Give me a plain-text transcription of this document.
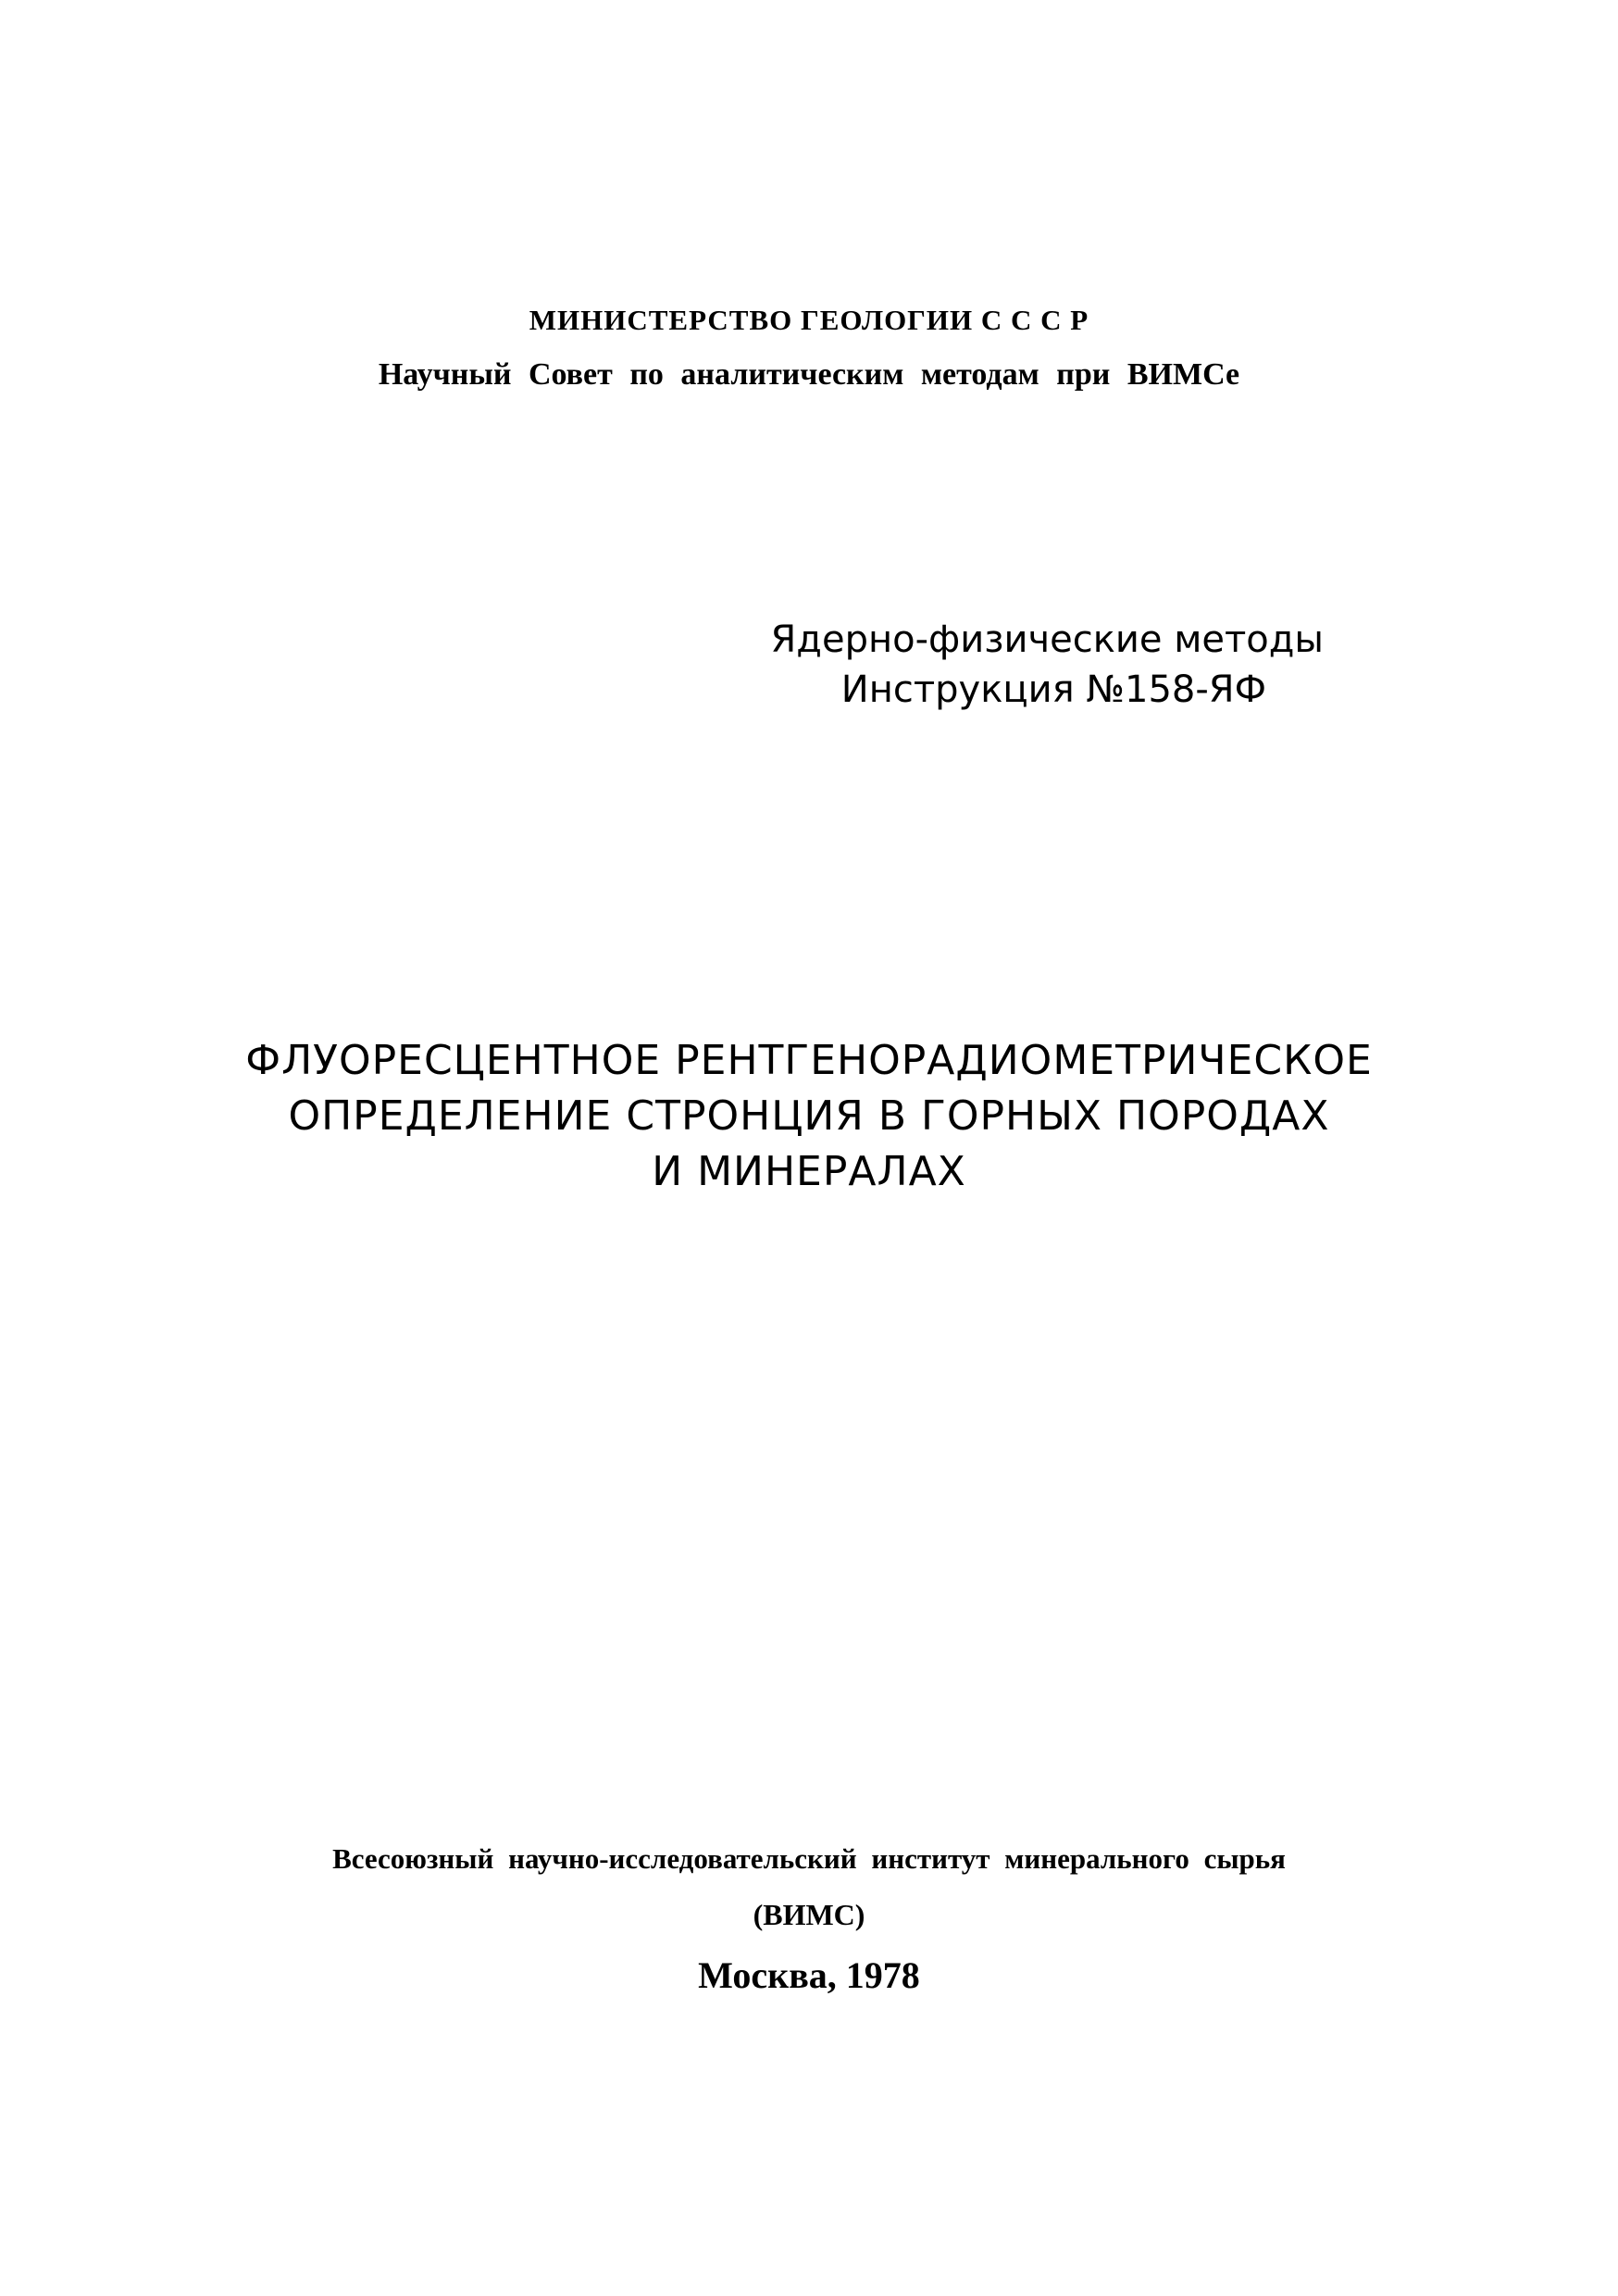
МИНИСТЕРСТВО ГЕОЛОГИИ С С С Р

Научный Совет по аналитическим методам при ВИМСе

Ядерно-физические методы

Инструкция №158-ЯФ

ФЛУОРЕСЦЕНТНОЕ РЕНТГЕНОРАДИОМЕТРИЧЕСКОЕ

ОПРЕДЕЛЕНИЕ СТРОНЦИЯ В ГОРНЫХ ПОРОДАХ

И МИНЕРАЛАХ

Всесоюзный научно-исследовательский институт минерального сырья

(ВИМС)

Москва, 1978
